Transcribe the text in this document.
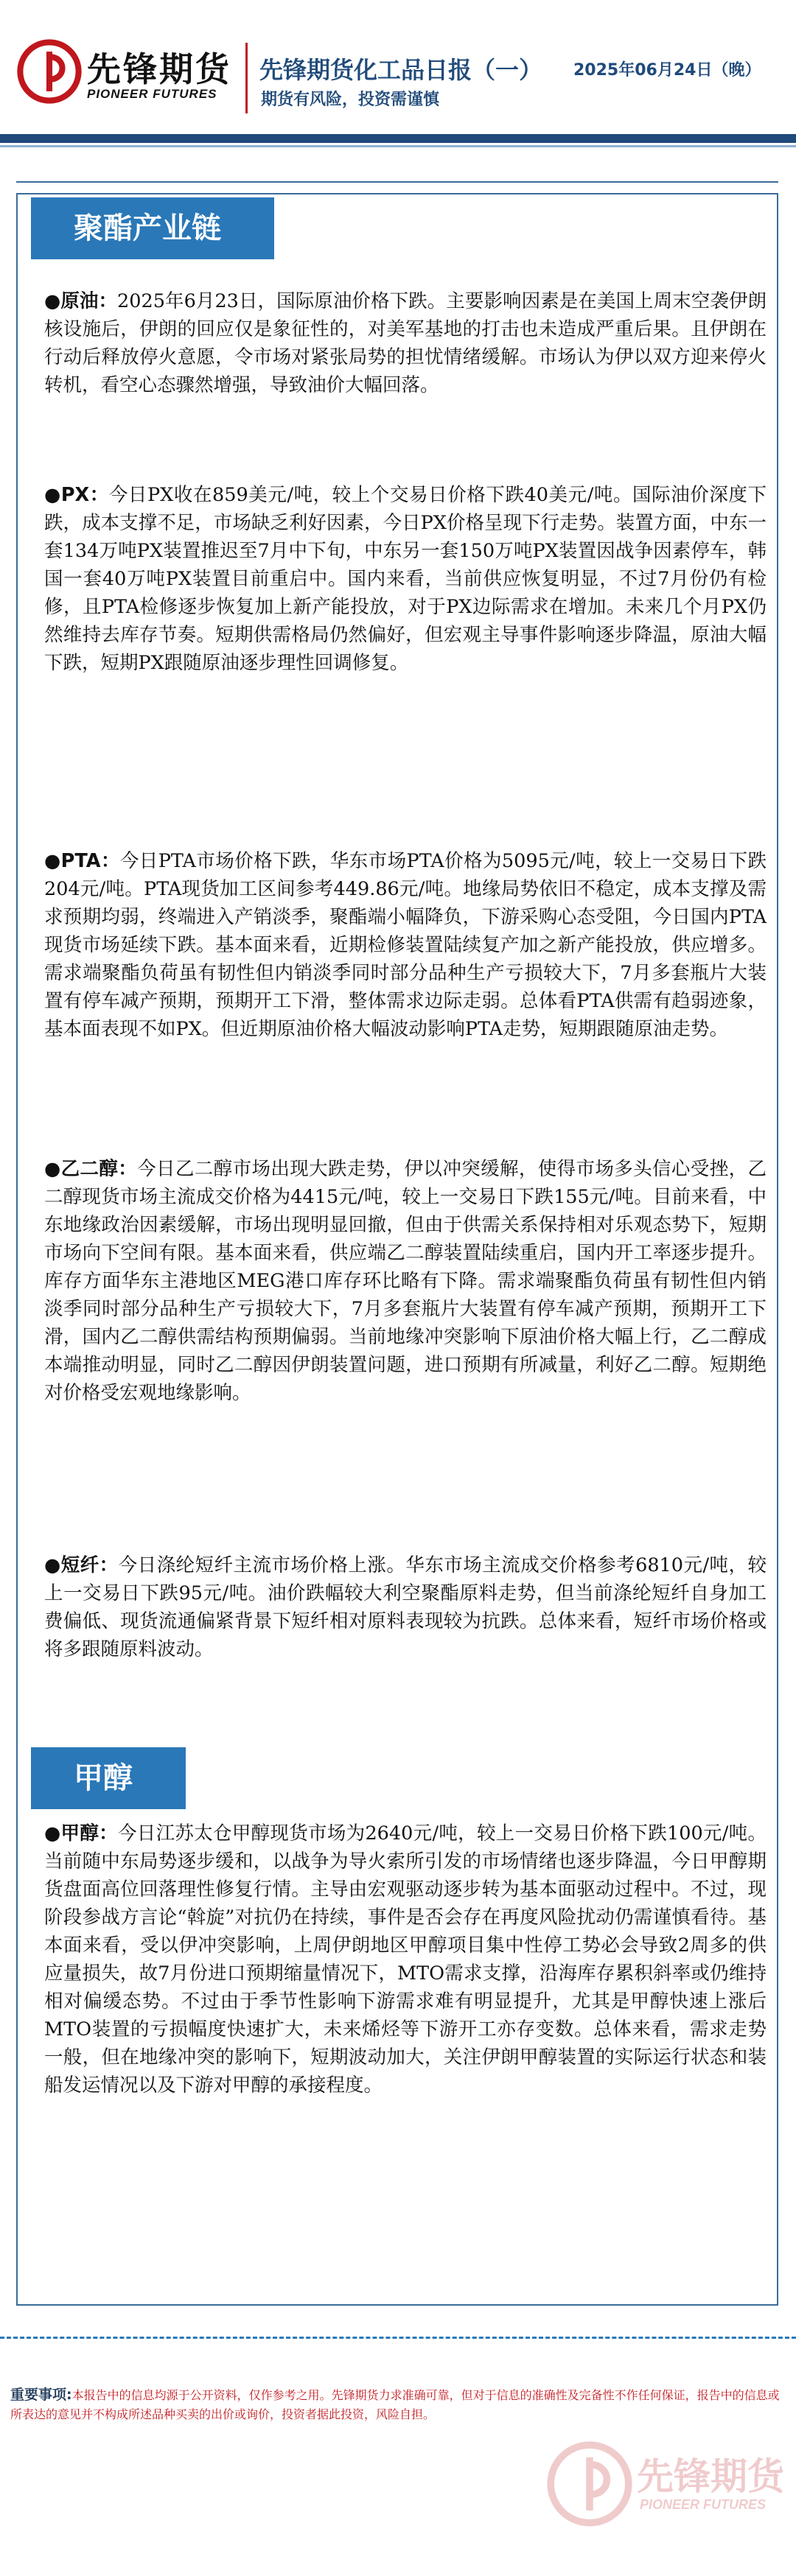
先锋期货
PIONEER FUTURES
先锋期货化工品日报（一） 2025年06月24日（晚）
期货有风险，投资需谨慎
聚酯产业链

●原油：2025年6月23日，国际原油价格下跌。主要影响因素是在美国上周末空袭伊朗核设施后，伊朗的回应仅是象征性的，对美军基地的打击也未造成严重后果。且伊朗在行动后释放停火意愿，令市场对紧张局势的担忧情绪缓解。市场认为伊以双方迎来停火转机，看空心态骤然增强，导致油价大幅回落。

●PX：今日PX收在859美元/吨，较上个交易日价格下跌40美元/吨。国际油价深度下跌，成本支撑不足，市场缺乏利好因素，今日PX价格呈现下行走势。装置方面，中东一套134万吨PX装置推迟至7月中下旬，中东另一套150万吨PX装置因战争因素停车，韩国一套40万吨PX装置目前重启中。国内来看，当前供应恢复明显，不过7月份仍有检修，且PTA检修逐步恢复加上新产能投放，对于PX边际需求在增加。未来几个月PX仍然维持去库存节奏。短期供需格局仍然偏好，但宏观主导事件影响逐步降温，原油大幅下跌，短期PX跟随原油逐步理性回调修复。

●PTA：今日PTA市场价格下跌，华东市场PTA价格为5095元/吨，较上一交易日下跌204元/吨。PTA现货加工区间参考449.86元/吨。地缘局势依旧不稳定，成本支撑及需求预期均弱，终端进入产销淡季，聚酯端小幅降负，下游采购心态受阻，今日国内PTA现货市场延续下跌。基本面来看，近期检修装置陆续复产加之新产能投放，供应增多。需求端聚酯负荷虽有韧性但内销淡季同时部分品种生产亏损较大下，7月多套瓶片大装置有停车减产预期，预期开工下滑，整体需求边际走弱。总体看PTA供需有趋弱迹象，基本面表现不如PX。但近期原油价格大幅波动影响PTA走势，短期跟随原油走势。

●乙二醇：今日乙二醇市场出现大跌走势，伊以冲突缓解，使得市场多头信心受挫，乙二醇现货市场主流成交价格为4415元/吨，较上一交易日下跌155元/吨。目前来看，中东地缘政治因素缓解，市场出现明显回撤，但由于供需关系保持相对乐观态势下，短期市场向下空间有限。基本面来看，供应端乙二醇装置陆续重启，国内开工率逐步提升。库存方面华东主港地区MEG港口库存环比略有下降。需求端聚酯负荷虽有韧性但内销淡季同时部分品种生产亏损较大下，7月多套瓶片大装置有停车减产预期，预期开工下滑，国内乙二醇供需结构预期偏弱。当前地缘冲突影响下原油价格大幅上行，乙二醇成本端推动明显，同时乙二醇因伊朗装置问题，进口预期有所减量，利好乙二醇。短期绝对价格受宏观地缘影响。

●短纤：今日涤纶短纤主流市场价格上涨。华东市场主流成交价格参考6810元/吨，较上一交易日下跌95元/吨。油价跌幅较大利空聚酯原料走势，但当前涤纶短纤自身加工费偏低、现货流通偏紧背景下短纤相对原料表现较为抗跌。总体来看，短纤市场价格或将多跟随原料波动。

甲醇

●甲醇：今日江苏太仓甲醇现货市场为2640元/吨，较上一交易日价格下跌100元/吨。当前随中东局势逐步缓和，以战争为导火索所引发的市场情绪也逐步降温，今日甲醇期货盘面高位回落理性修复行情。主导由宏观驱动逐步转为基本面驱动过程中。不过，现阶段参战方言论“斡旋”对抗仍在持续，事件是否会存在再度风险扰动仍需谨慎看待。基本面来看，受以伊冲突影响，上周伊朗地区甲醇项目集中性停工势必会导致2周多的供应量损失，故7月份进口预期缩量情况下，MTO需求支撑，沿海库存累积斜率或仍维持相对偏缓态势。不过由于季节性影响下游需求难有明显提升，尤其是甲醇快速上涨后MTO装置的亏损幅度快速扩大，未来烯烃等下游开工亦存变数。总体来看，需求走势一般，但在地缘冲突的影响下，短期波动加大，关注伊朗甲醇装置的实际运行状态和装船发运情况以及下游对甲醇的承接程度。

重要事项:本报告中的信息均源于公开资料，仅作参考之用。先锋期货力求准确可靠，但对于信息的准确性及完备性不作任何保证，报告中的信息或所表达的意见并不构成所述品种买卖的出价或询价，投资者据此投资，风险自担。

先锋期货
PIONEER FUTURES
